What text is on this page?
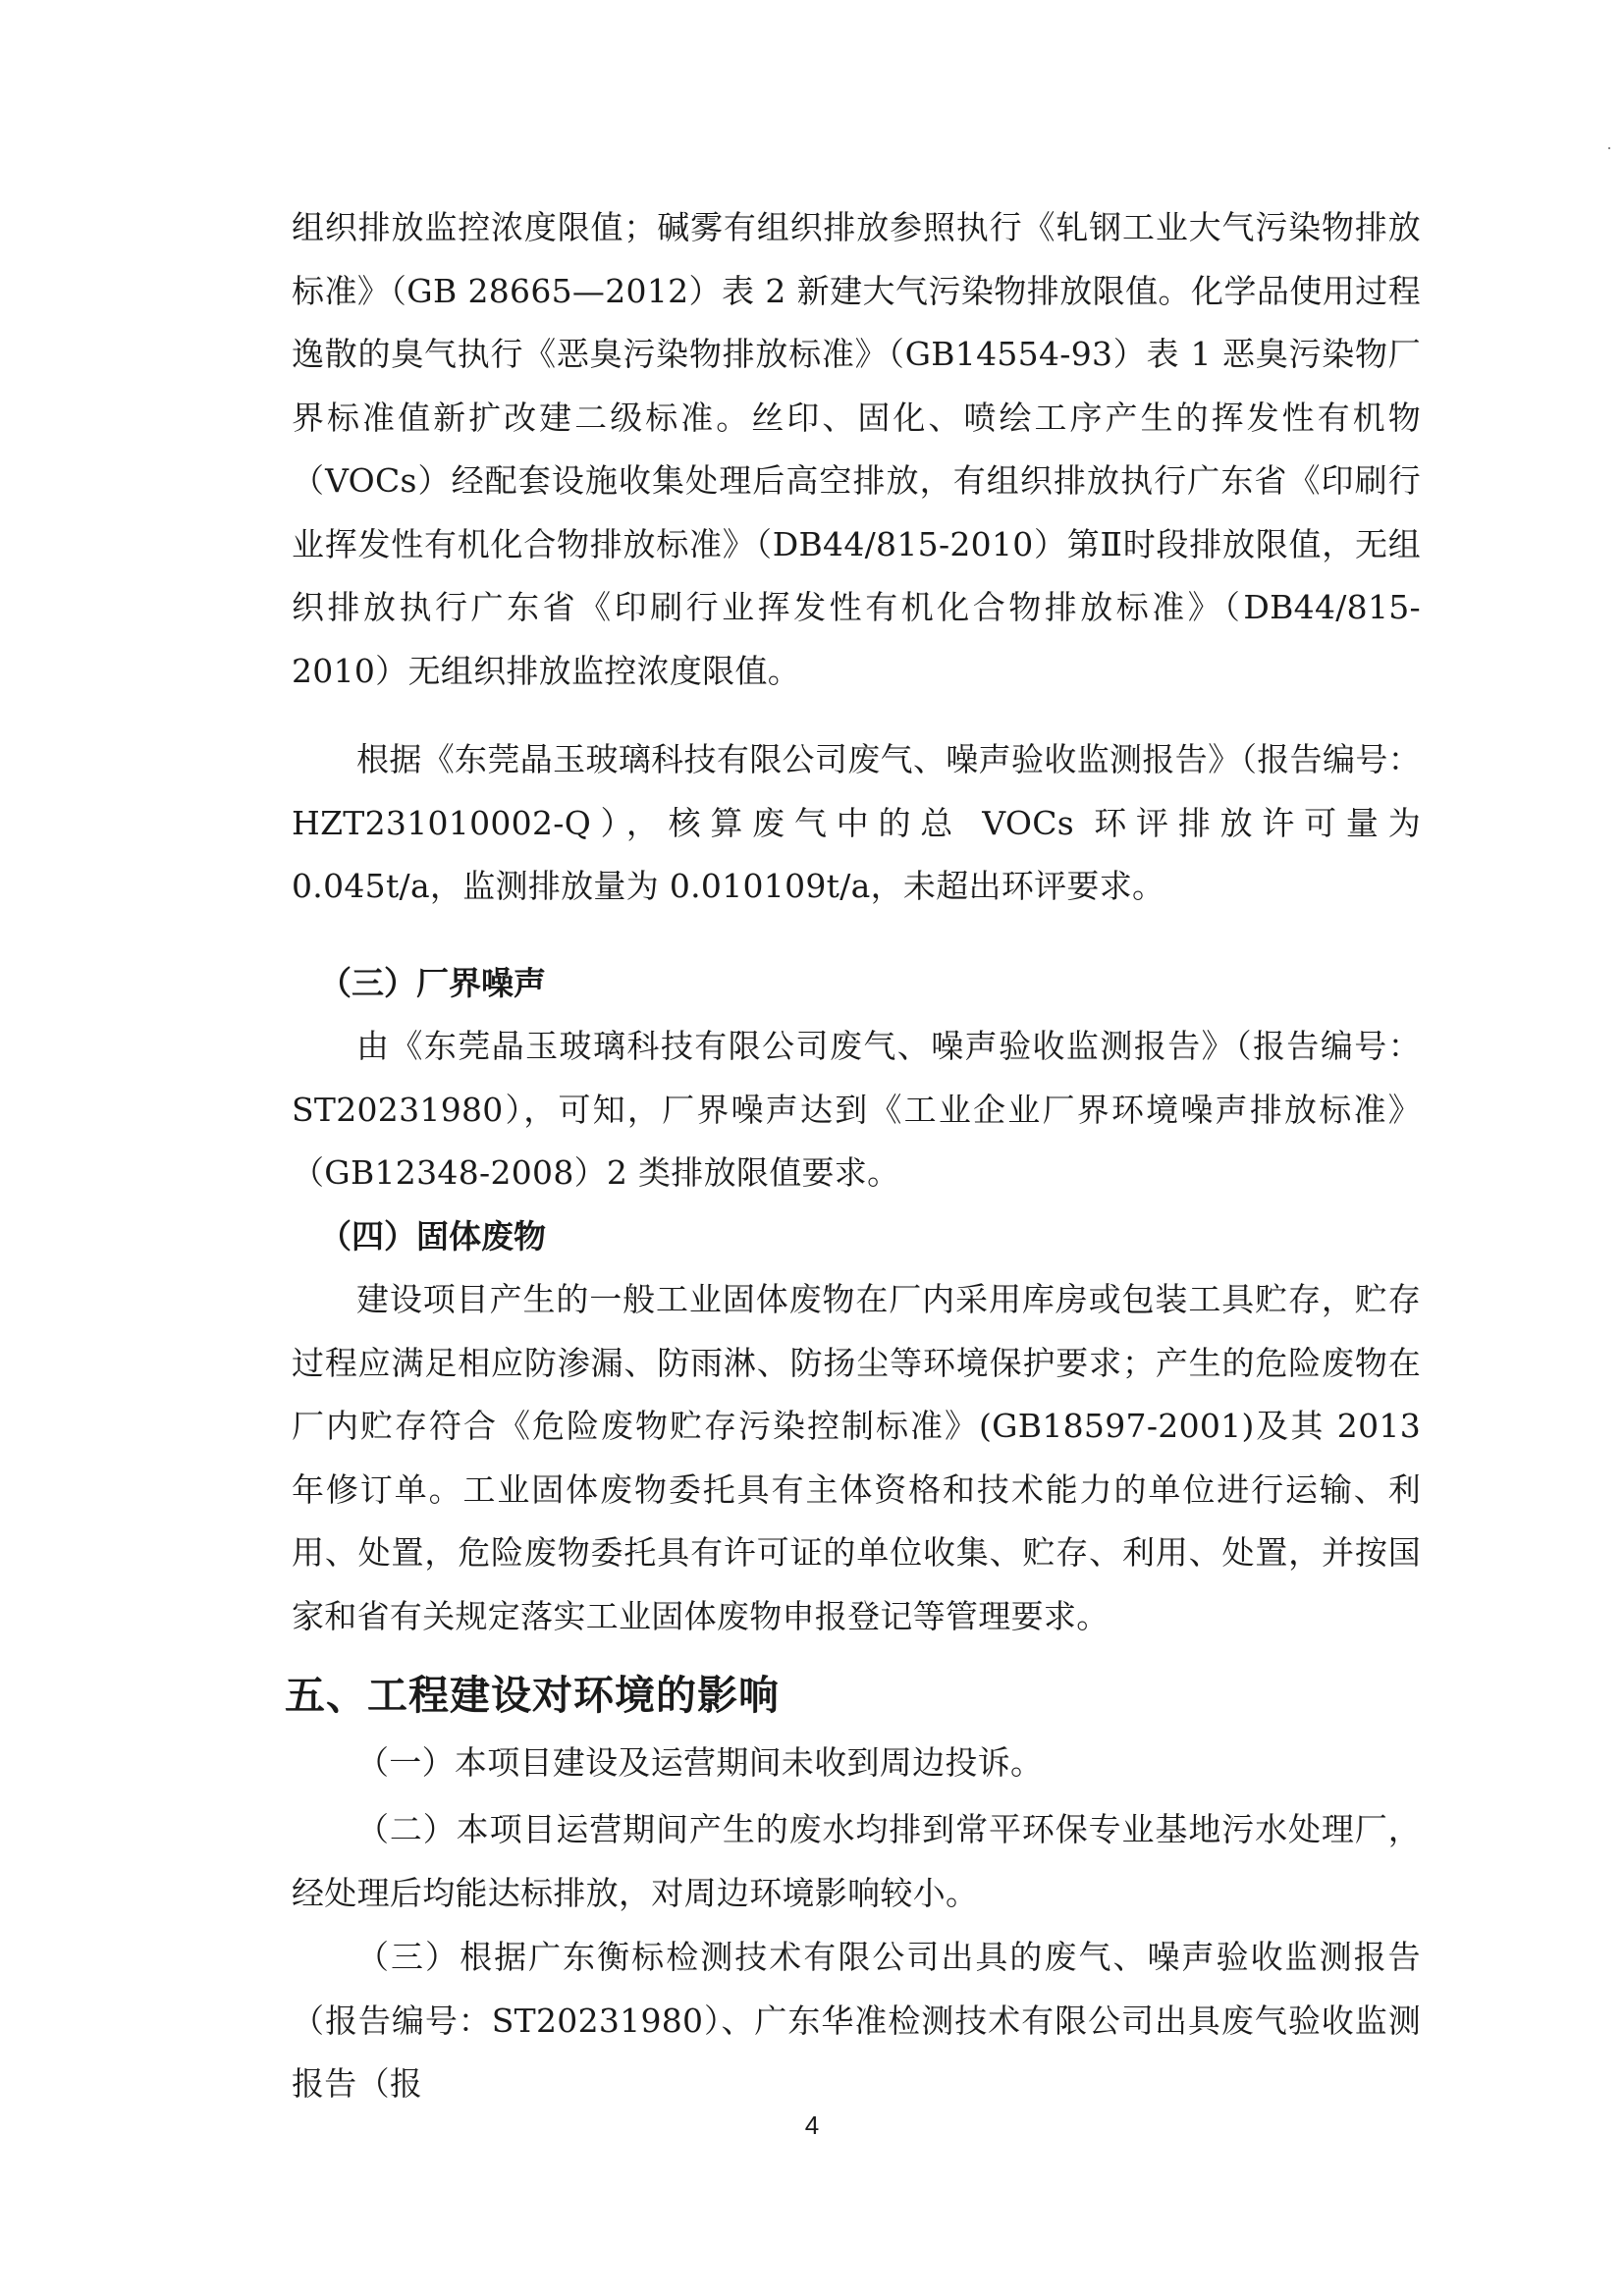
组织排放监控浓度限值；碱雾有组织排放参照执行《轧钢工业大气污染物排放标准》（GB 28665—2012）表 2 新建大气污染物排放限值。化学品使用过程逸散的臭气执行《恶臭污染物排放标准》（GB14554-93）表 1 恶臭污染物厂界标准值新扩改建二级标准。丝印、固化、喷绘工序产生的挥发性有机物（VOCs）经配套设施收集处理后高空排放，有组织排放执行广东省《印刷行业挥发性有机化合物排放标准》（DB44/815-2010）第Ⅱ时段排放限值，无组织排放执行广东省《印刷行业挥发性有机化合物排放标准》（DB44/815-2010）无组织排放监控浓度限值。
根据《东莞晶玉玻璃科技有限公司废气、噪声验收监测报告》（报告编号：HZT231010002-Q），核算废气中的总 VOCs 环评排放许可量为 0.045t/a，监测排放量为 0.010109t/a，未超出环评要求。
（三）厂界噪声
由《东莞晶玉玻璃科技有限公司废气、噪声验收监测报告》（报告编号：ST20231980），可知，厂界噪声达到《工业企业厂界环境噪声排放标准》（GB12348-2008）2 类排放限值要求。
（四）固体废物
建设项目产生的一般工业固体废物在厂内采用库房或包装工具贮存，贮存过程应满足相应防渗漏、防雨淋、防扬尘等环境保护要求；产生的危险废物在厂内贮存符合《危险废物贮存污染控制标准》(GB18597-2001)及其 2013 年修订单。工业固体废物委托具有主体资格和技术能力的单位进行运输、利用、处置，危险废物委托具有许可证的单位收集、贮存、利用、处置，并按国家和省有关规定落实工业固体废物申报登记等管理要求。
五、工程建设对环境的影响
（一）本项目建设及运营期间未收到周边投诉。
（二）本项目运营期间产生的废水均排到常平环保专业基地污水处理厂，经处理后均能达标排放，对周边环境影响较小。
（三）根据广东衡标检测技术有限公司出具的废气、噪声验收监测报告（报告编号：ST20231980）、广东华准检测技术有限公司出具废气验收监测报告（报
4
